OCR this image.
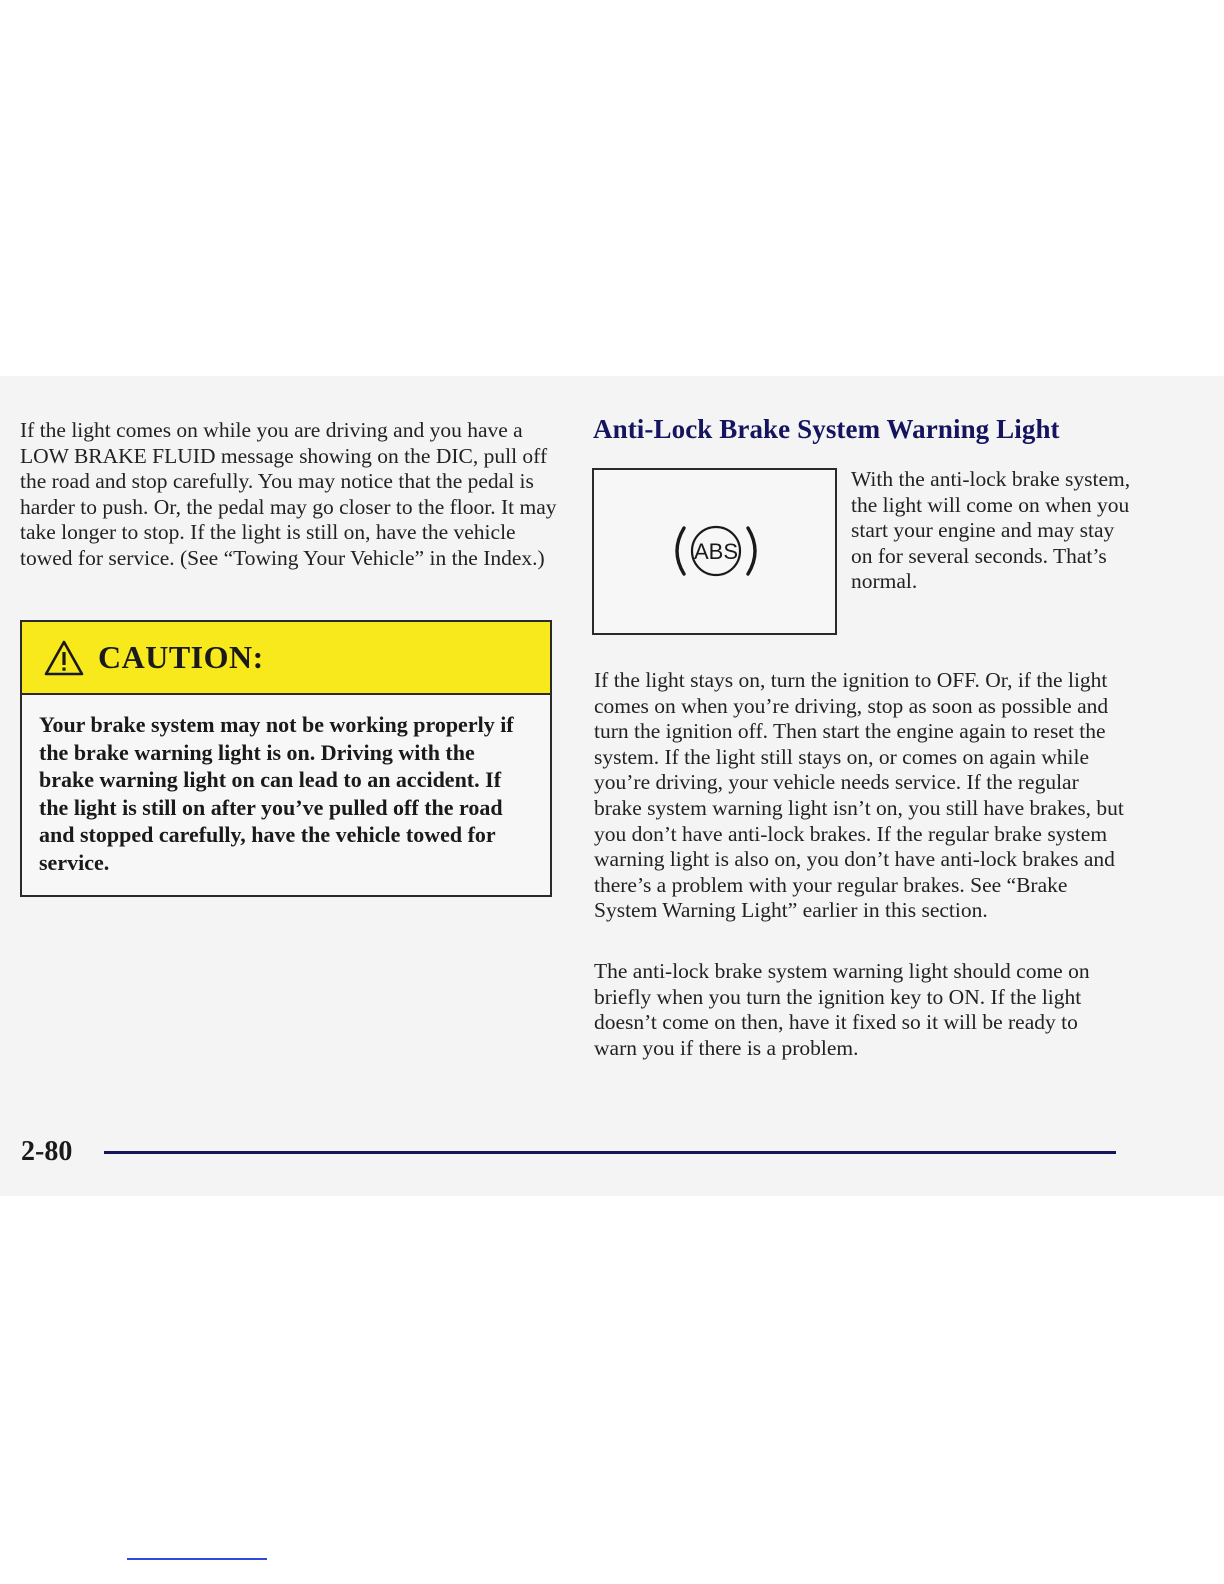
If the light comes on while you are driving and you have a LOW BRAKE FLUID message showing on the DIC, pull off the road and stop carefully. You may notice that the pedal is harder to push. Or, the pedal may go closer to the floor. It may take longer to stop. If the light is still on, have the vehicle towed for service. (See “Towing Your Vehicle” in the Index.)

CAUTION:
Your brake system may not be working properly if the brake warning light is on. Driving with the brake warning light on can lead to an accident. If the light is still on after you’ve pulled off the road and stopped carefully, have the vehicle towed for service.
Anti-Lock Brake System Warning Light
ABS

With the anti-lock brake system, the light will come on when you start your engine and may stay on for several seconds. That’s normal.

If the light stays on, turn the ignition to OFF. Or, if the light comes on when you’re driving, stop as soon as possible and turn the ignition off. Then start the engine again to reset the system. If the light still stays on, or comes on again while you’re driving, your vehicle needs service. If the regular brake system warning light isn’t on, you still have brakes, but you don’t have anti-lock brakes. If the regular brake system warning light is also on, you don’t have anti-lock brakes and there’s a problem with your regular brakes. See “Brake System Warning Light” earlier in this section.

The anti-lock brake system warning light should come on briefly when you turn the ignition key to ON. If the light doesn’t come on then, have it fixed so it will be ready to warn you if there is a problem.

2-80
